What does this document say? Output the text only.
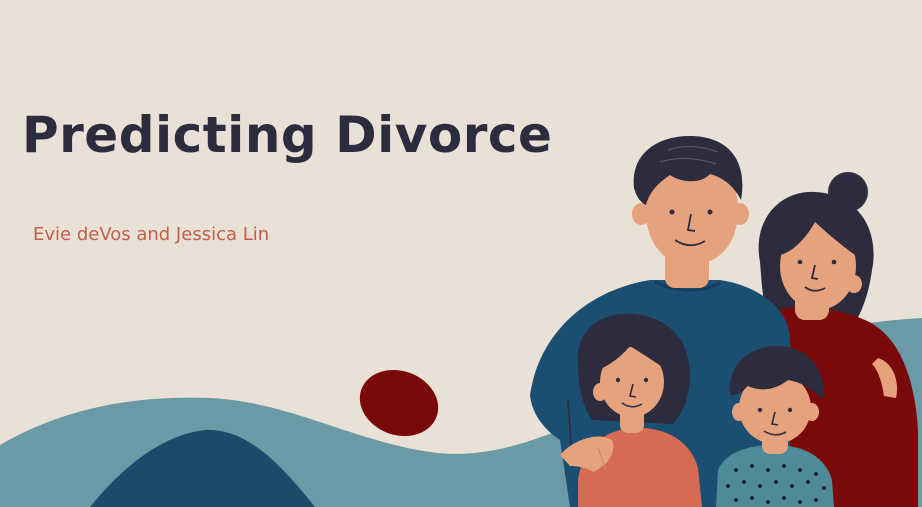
Predicting Divorce

Evie deVos and Jessica Lin
